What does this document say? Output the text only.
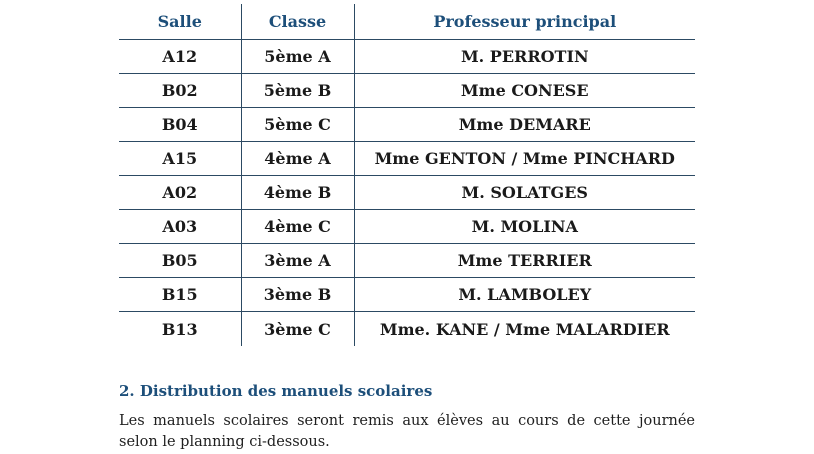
Salle	Classe	Professeur principal
A12	5ème A	M. PERROTIN
B02	5ème B	Mme CONESE
B04	5ème C	Mme DEMARE
A15	4ème A	Mme GENTON / Mme PINCHARD
A02	4ème B	M. SOLATGES
A03	4ème C	M. MOLINA
B05	3ème A	Mme TERRIER
B15	3ème B	M. LAMBOLEY
B13	3ème C	Mme. KANE / Mme MALARDIER
2. Distribution des manuels scolaires

Les manuels scolaires seront remis aux élèves au cours de cette journée selon le planning ci-dessous.
